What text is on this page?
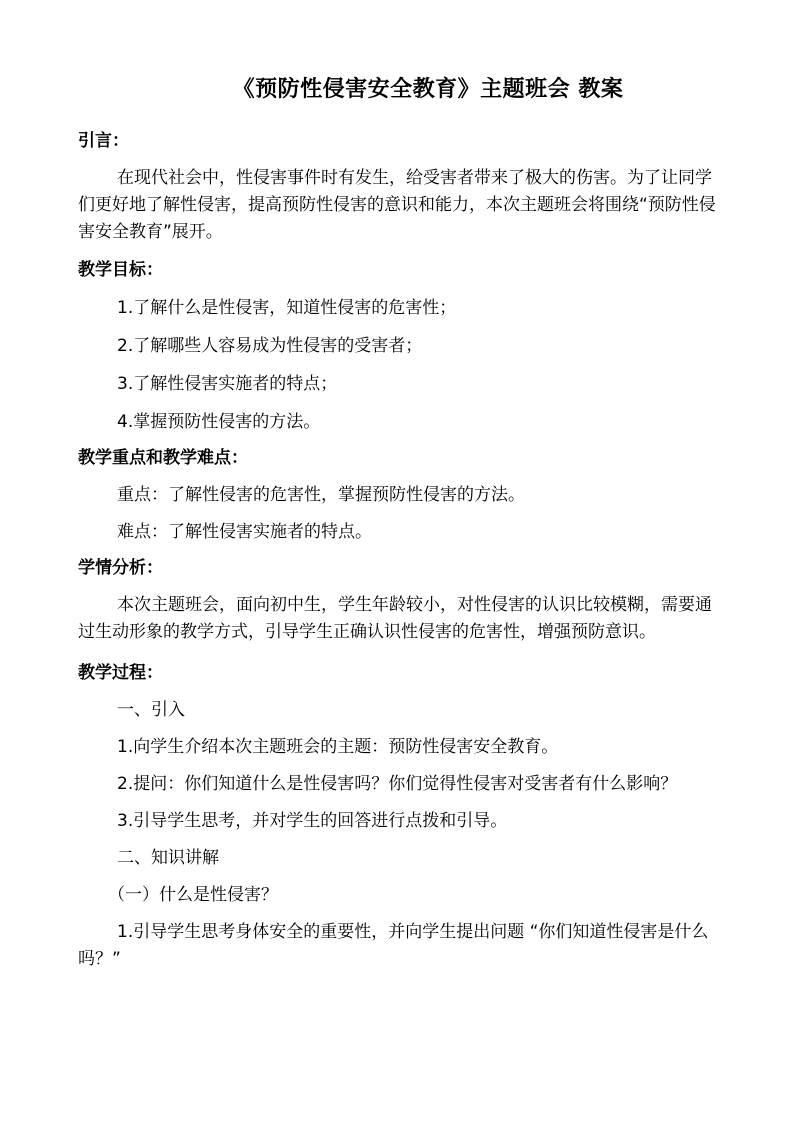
《预防性侵害安全教育》主题班会 教案

引言：

在现代社会中，性侵害事件时有发生，给受害者带来了极大的伤害。为了让同学们更好地了解性侵害，提高预防性侵害的意识和能力，本次主题班会将围绕“预防性侵害安全教育”展开。

教学目标：

1.了解什么是性侵害，知道性侵害的危害性；

2.了解哪些人容易成为性侵害的受害者；

3.了解性侵害实施者的特点；

4.掌握预防性侵害的方法。

教学重点和教学难点：

重点：了解性侵害的危害性，掌握预防性侵害的方法。

难点：了解性侵害实施者的特点。

学情分析：

本次主题班会，面向初中生，学生年龄较小，对性侵害的认识比较模糊，需要通过生动形象的教学方式，引导学生正确认识性侵害的危害性，增强预防意识。

教学过程：

一、引入

1.向学生介绍本次主题班会的主题：预防性侵害安全教育。

2.提问：你们知道什么是性侵害吗？你们觉得性侵害对受害者有什么影响？

3.引导学生思考，并对学生的回答进行点拨和引导。

二、知识讲解

（一）什么是性侵害？

1.引导学生思考身体安全的重要性，并向学生提出问题 “你们知道性侵害是什么吗？”
